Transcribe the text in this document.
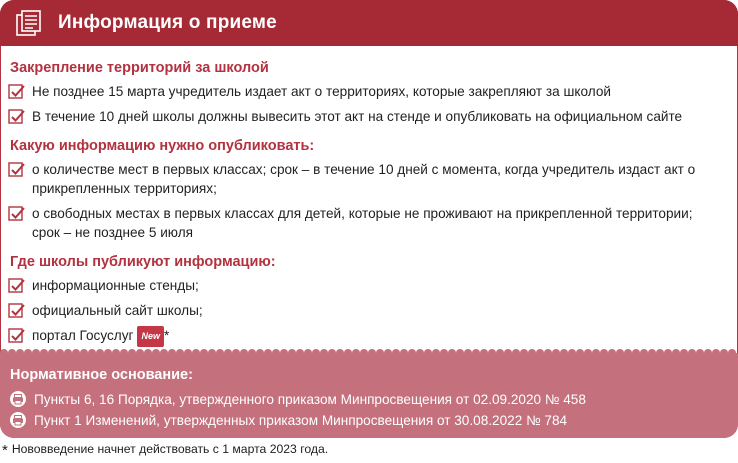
Информация о приеме
Закрепление территорий за школой
Не позднее 15 марта учредитель издает акт о территориях, которые закрепляют за школой
В течение 10 дней школы должны вывесить этот акт на стенде и опубликовать на официальном сайте
Какую информацию нужно опубликовать:
о количестве мест в первых классах; срок – в течение 10 дней с момента, когда учредитель издаст акт о прикрепленных территориях;
о свободных местах в первых классах для детей, которые не проживают на прикрепленной территории; срок – не позднее 5 июля
Где школы публикуют информацию:
информационные стенды;
официальный сайт школы;
портал Госуслуг New *
Нормативное основание:
Пункты 6, 16 Порядка, утвержденного приказом Минпросвещения от 02.09.2020 № 458
Пункт 1 Изменений, утвержденных приказом Минпросвещения от 30.08.2022 № 784
* Нововведение начнет действовать с 1 марта 2023 года.
